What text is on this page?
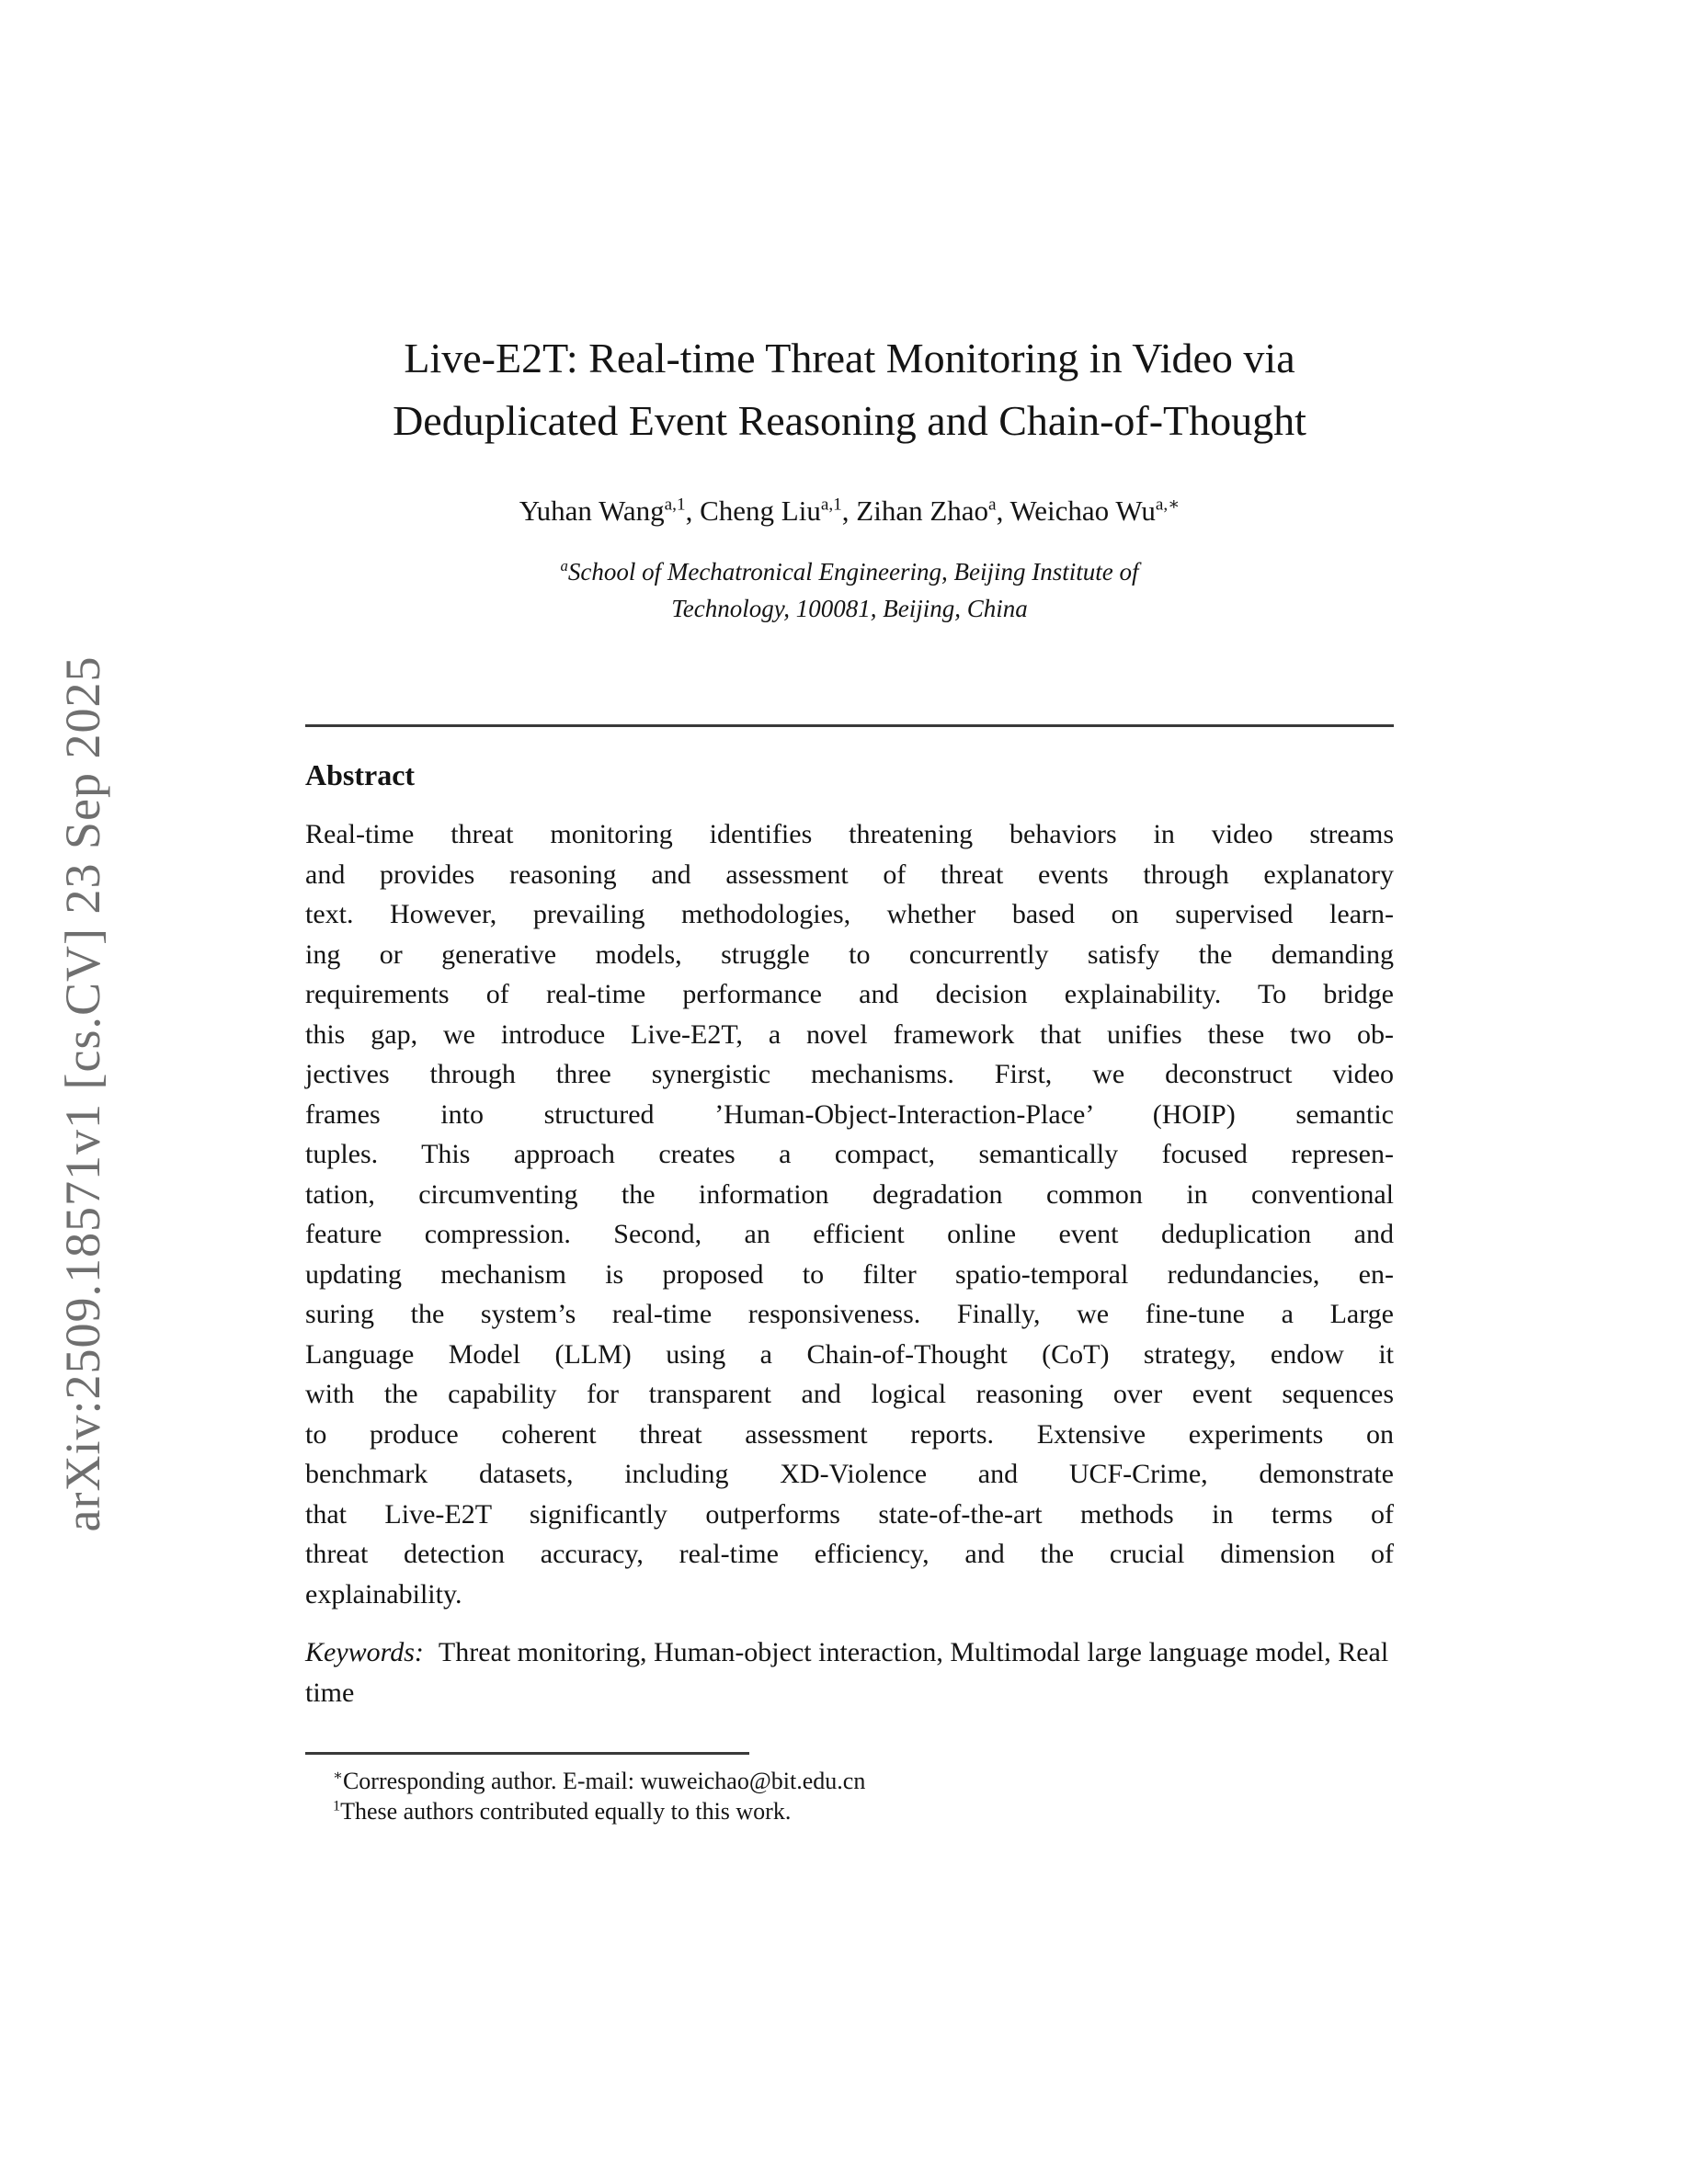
arXiv:2509.18571v1 [cs.CV] 23 Sep 2025
Live-E2T: Real-time Threat Monitoring in Video via
Deduplicated Event Reasoning and Chain-of-Thought
Yuhan Wang$^{a,1}$, Cheng Liu$^{a,1}$, Zihan Zhao$^a$, Weichao $Wu^{a,∗}$
$^a$School of Mechatronical Engineering, Beijing Institute of
Technology, 100081, Beijing, China
Abstract
Real-time threat monitoring identifies threatening behaviors in video streams
and provides reasoning and assessment of threat events through explanatory
text. However, prevailing methodologies, whether based on supervised learn-
ing or generative models, struggle to concurrently satisfy the demanding
requirements of real-time performance and decision explainability. To bridge
this gap, we introduce Live-E2T, a novel framework that unifies these two ob-
jectives through three synergistic mechanisms. First, we deconstruct video
frames into structured ’Human-Object-Interaction-Place’ (HOIP) semantic
tuples. This approach creates a compact, semantically focused represen-
tation, circumventing the information degradation common in conventional
feature compression. Second, an efficient online event deduplication and
updating mechanism is proposed to filter spatio-temporal redundancies, en-
suring the system’s real-time responsiveness. Finally, we fine-tune a Large
Language Model (LLM) using a Chain-of-Thought (CoT) strategy, endow it
with the capability for transparent and logical reasoning over event sequences
to produce coherent threat assessment reports. Extensive experiments on
benchmark datasets, including XD-Violence and UCF-Crime, demonstrate
that Live-E2T significantly outperforms state-of-the-art methods in terms of
threat detection accuracy, real-time efficiency, and the crucial dimension of
explainability.

Keywords: Threat monitoring, Human-object interaction, Multimodal large language model, Real time

∗Corresponding author. E-mail: wuweichao@bit.edu.cn
$^1$These authors contributed equally to this work.
